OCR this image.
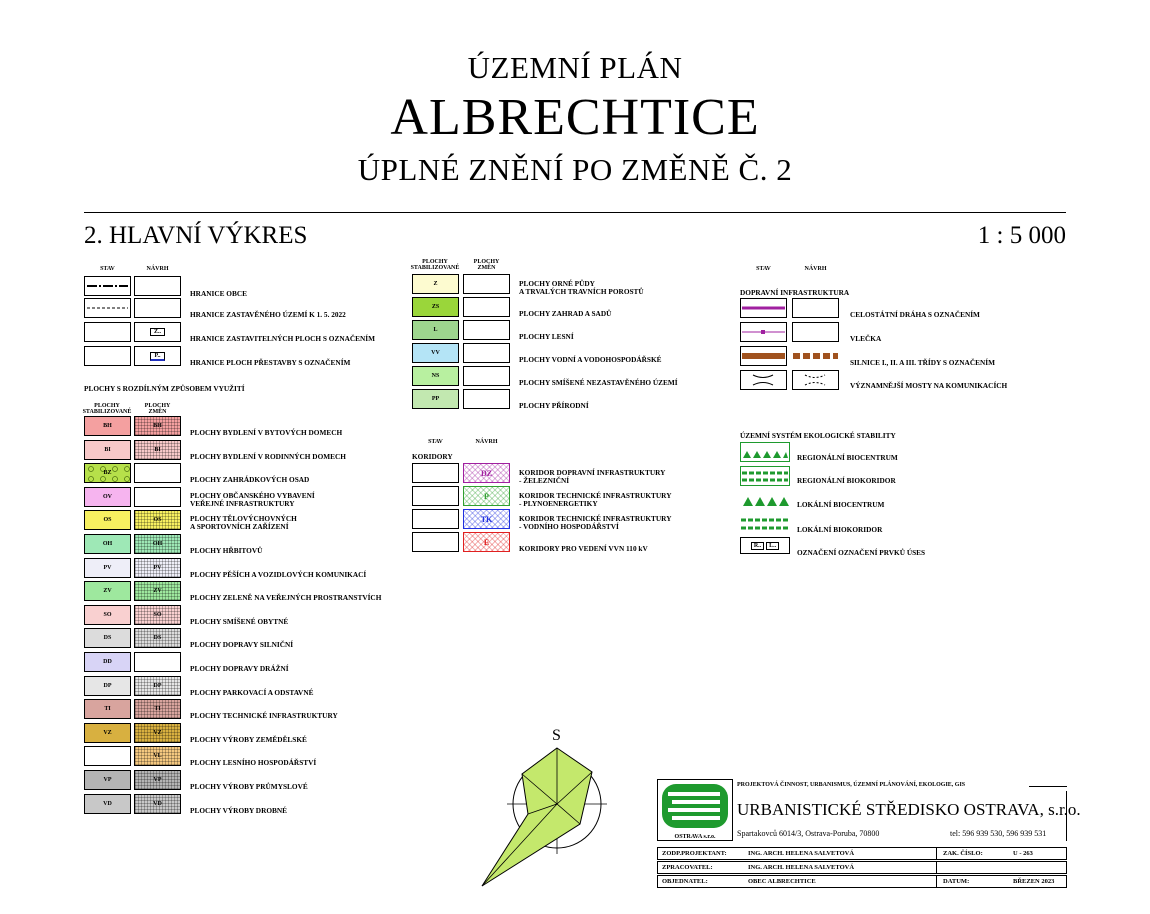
ÚZEMNÍ PLÁN
ALBRECHTICE
ÚPLNÉ ZNĚNÍ PO ZMĚNĚ Č. 2
2. HLAVNÍ VÝKRES	1 : 5 000
STAV	NÁVRH
HRANICE OBCE
HRANICE ZASTAVĚNÉHO ÚZEMÍ K 1. 5. 2022
Z..
HRANICE ZASTAVITELNÝCH PLOCH S OZNAČENÍM
P..
HRANICE PLOCH PŘESTAVBY S OZNAČENÍM
PLOCHY S ROZDÍLNÝM ZPŮSOBEM VYUŽITÍ
PLOCHY
STABILIZOVANÉ
PLOCHY
ZMĚN
BH	BH
PLOCHY BYDLENÍ V BYTOVÝCH DOMECH
BI	BI
PLOCHY BYDLENÍ V RODINNÝCH DOMECH
BZ
PLOCHY ZAHRÁDKOVÝCH OSAD
OV	PLOCHY OBČANSKÉHO VYBAVENÍ
VEŘEJNÉ INFRASTRUKTURY
OS	OS	PLOCHY TĚLOVÝCHOVNÝCH
A SPORTOVNÍCH ZAŘÍZENÍ
OH	OH
PLOCHY HŘBITOVŮ
PV	PV
PLOCHY PĚŠÍCH A VOZIDLOVÝCH KOMUNIKACÍ
ZV	ZV
PLOCHY ZELENĚ NA VEŘEJNÝCH PROSTRANSTVÍCH
SO	SO
PLOCHY SMÍŠENÉ OBYTNÉ
DS	DS
PLOCHY DOPRAVY SILNIČNÍ
DD
PLOCHY DOPRAVY DRÁŽNÍ
DP	DP
PLOCHY PARKOVACÍ A ODSTAVNÉ
TI	TI
PLOCHY TECHNICKÉ INFRASTRUKTURY
VZ	VZ
PLOCHY VÝROBY ZEMĚDĚLSKÉ
VL
PLOCHY LESNÍHO HOSPODÁŘSTVÍ
VP	VP
PLOCHY VÝROBY PRŮMYSLOVÉ
VD	VD
PLOCHY VÝROBY DROBNÉ
PLOCHY
STABILIZOVANÉ
PLOCHY
ZMĚN
Z	PLOCHY ORNÉ PŮDY
A TRVALÝCH TRAVNÍCH POROSTŮ
ZS
PLOCHY ZAHRAD A SADŮ
L
PLOCHY LESNÍ
VV
PLOCHY VODNÍ A VODOHOSPODÁŘSKÉ
NS
PLOCHY SMÍŠENÉ NEZASTAVĚNÉHO ÚZEMÍ
PP
PLOCHY PŘÍRODNÍ
STAV	NÁVRH
KORIDORY
DZ	KORIDOR DOPRAVNÍ INFRASTRUKTURY
- ŽELEZNIČNÍ
P	KORIDOR TECHNICKÉ INFRASTRUKTURY
- PLYNOENERGETIKY
TK	KORIDOR TECHNICKÉ INFRASTRUKTURY
- VODNÍHO HOSPODÁŘSTVÍ
E
KORIDORY PRO VEDENÍ VVN 110 kV
STAV	NÁVRH
DOPRAVNÍ INFRASTRUKTURA
CELOSTÁTNÍ DRÁHA S OZNAČENÍM
VLEČKA
SILNICE I., II. A III. TŘÍDY S OZNAČENÍM
VÝZNAMNĚJŠÍ MOSTY NA KOMUNIKACÍCH
ÚZEMNÍ SYSTÉM EKOLOGICKÉ STABILITY
REGIONÁLNÍ BIOCENTRUM
REGIONÁLNÍ BIOKORIDOR
LOKÁLNÍ BIOCENTRUM
LOKÁLNÍ BIOKORIDOR
R..	L..
OZNAČENÍ OZNAČENÍ PRVKŮ ÚSES
S
OSTRAVA s.r.o.
PROJEKTOVÁ ČINNOST, URBANISMUS, ÚZEMNÍ PLÁNOVÁNÍ, EKOLOGIE, GIS
URBANISTICKÉ STŘEDISKO OSTRAVA, s.r.o.
Spartakovců 6014/3, Ostrava-Poruba, 70800	tel: 596 939 530, 596 939 531
ZODP.PROJEKTANT:	ING. ARCH. HELENA SALVETOVÁ	ZAK. ČÍSLO:	U - 263
ZPRACOVATEL:	ING. ARCH. HELENA SALVETOVÁ
OBJEDNATEL:	OBEC ALBRECHTICE	DATUM:	BŘEZEN 2023
